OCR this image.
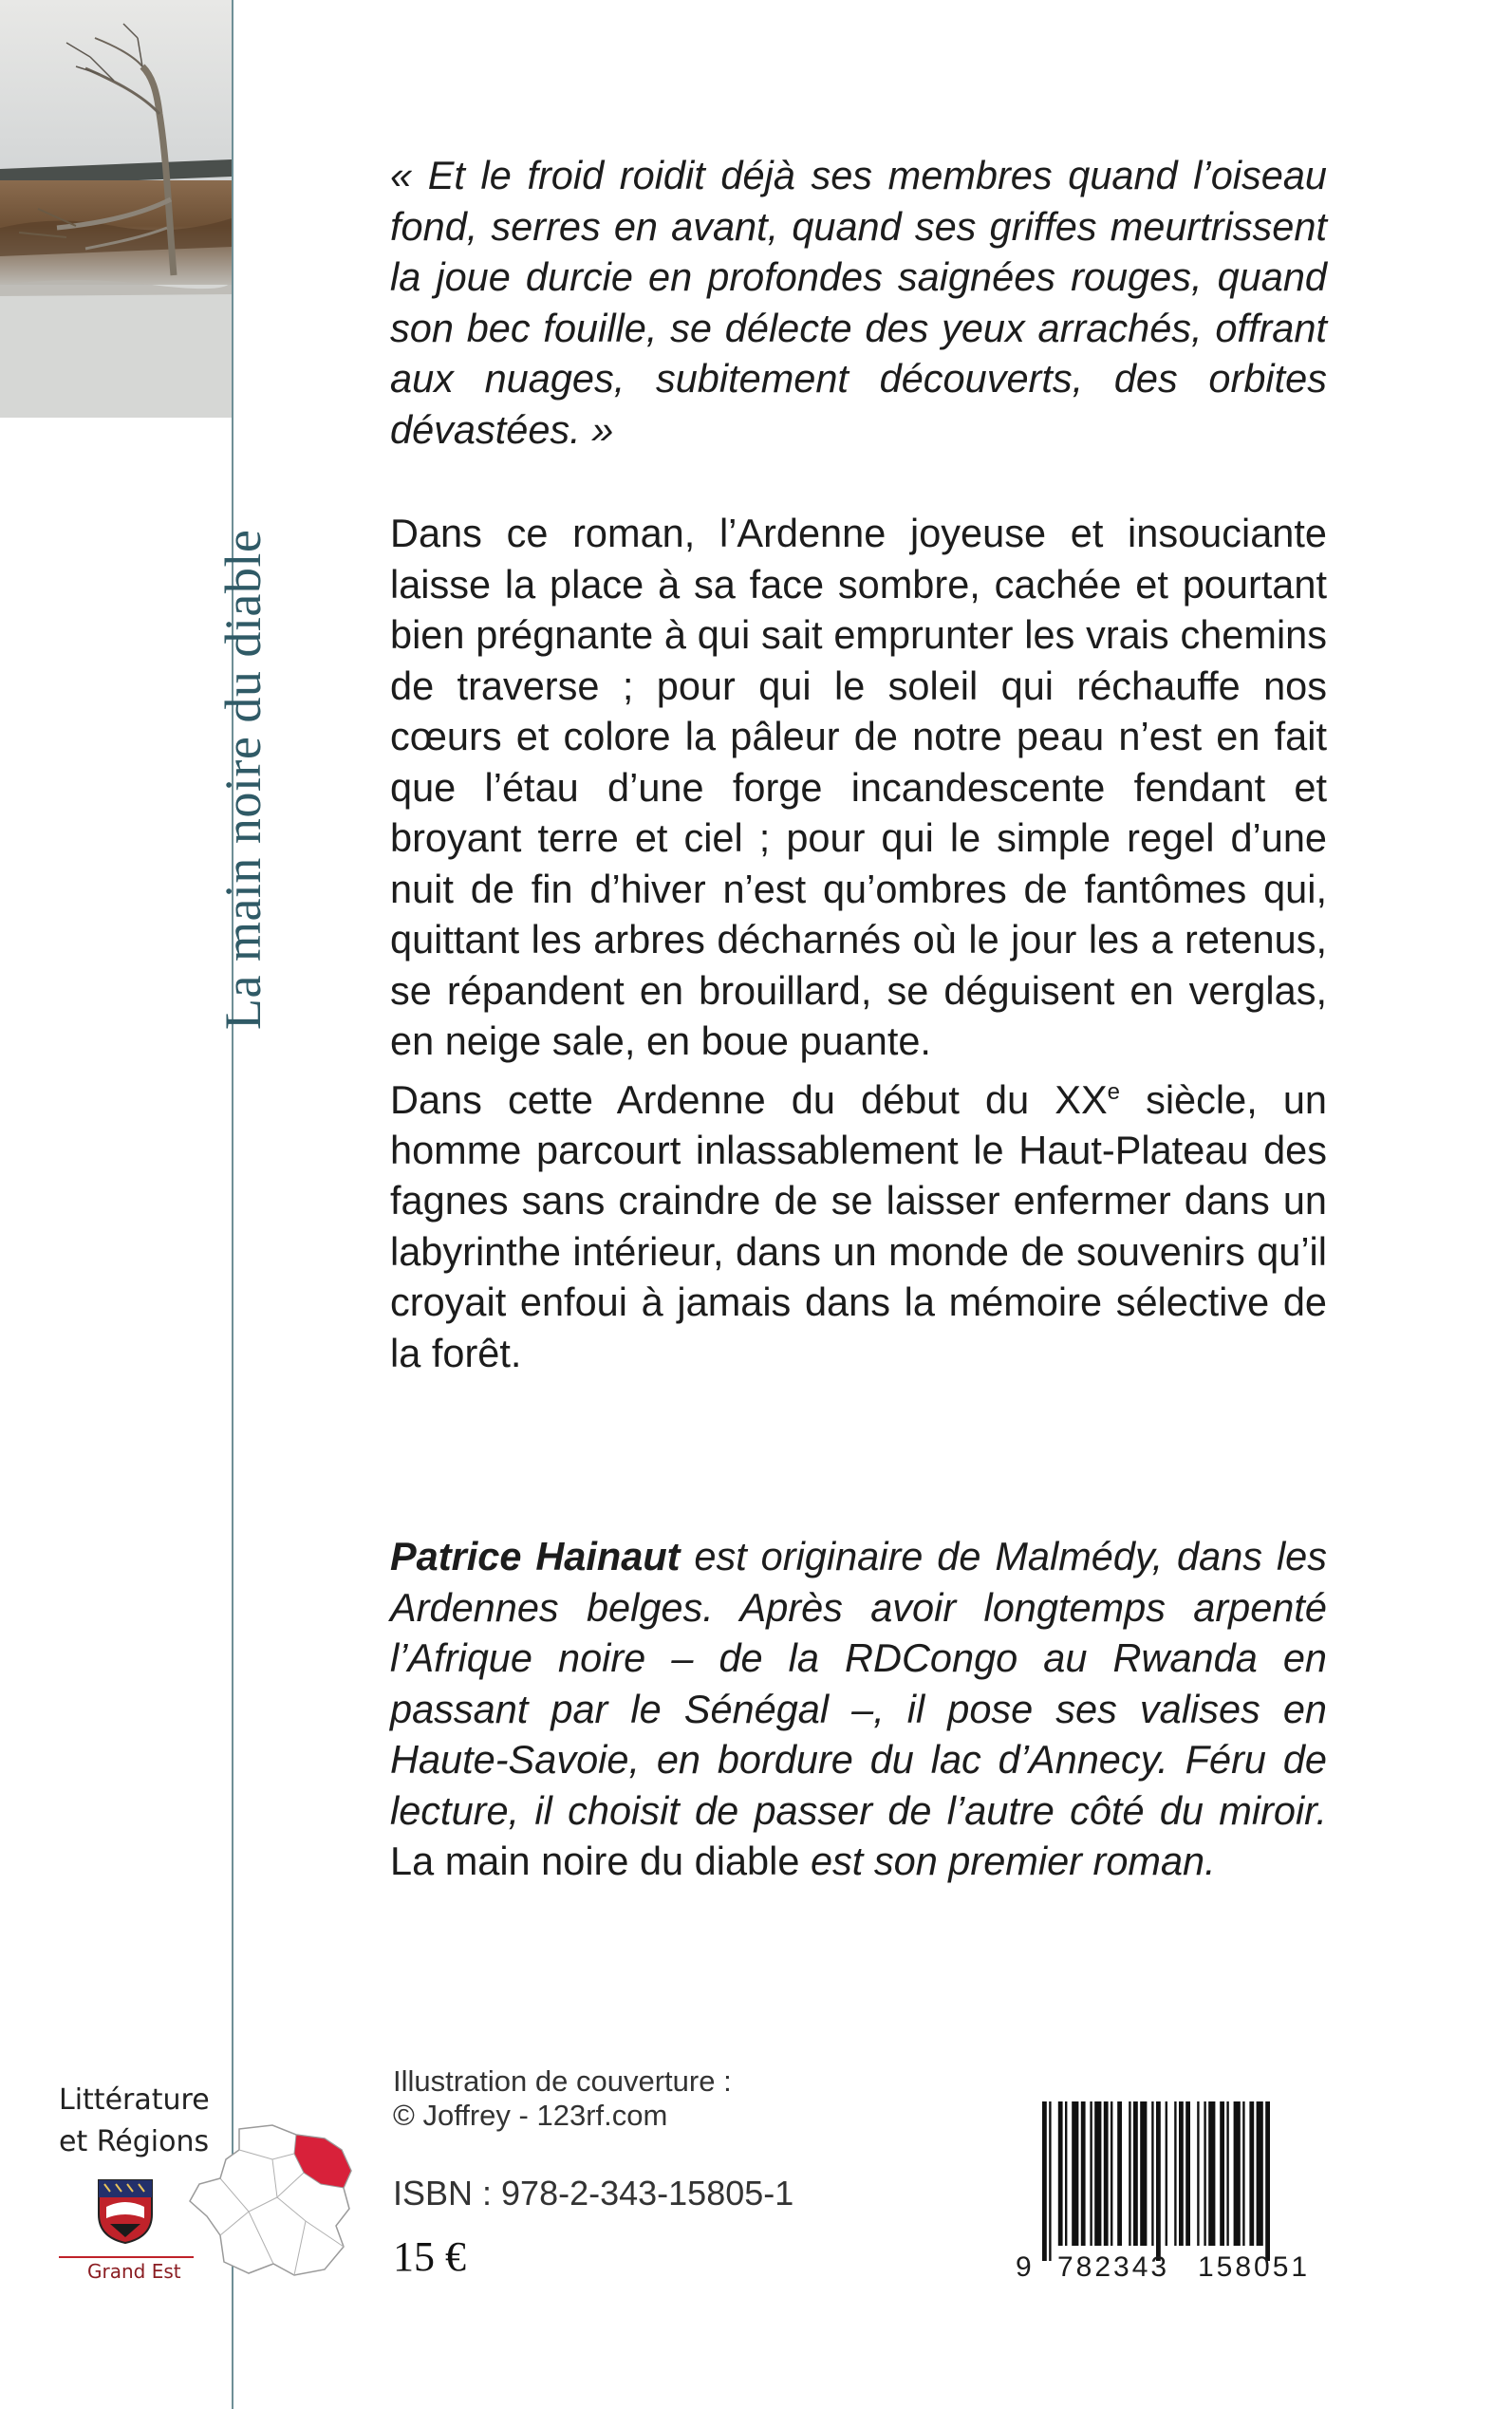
La main noire du diable

« Et le froid roidit déjà ses membres quand l’oiseau fond, serres en avant, quand ses griffes meurtrissent la joue durcie en profondes saignées rouges, quand son bec fouille, se délecte des yeux arrachés, offrant aux nuages, subitement découverts, des orbites dévastées. »

Dans ce roman, l’Ardenne joyeuse et insouciante laisse la place à sa face sombre, cachée et pourtant bien prégnante à qui sait emprunter les vrais chemins de traverse ; pour qui le soleil qui réchauffe nos cœurs et colore la pâleur de notre peau n’est en fait que l’étau d’une forge incandescente fendant et broyant terre et ciel ; pour qui le simple regel d’une nuit de fin d’hiver n’est qu’ombres de fantômes qui, quittant les arbres décharnés où le jour les a retenus, se répandent en brouillard, se déguisent en verglas, en neige sale, en boue puante.

Dans cette Ardenne du début du XXe siècle, un homme parcourt inlassablement le Haut-Plateau des fagnes sans craindre de se laisser enfermer dans un labyrinthe intérieur, dans un monde de souvenirs qu’il croyait enfoui à jamais dans la mémoire sélective de la forêt.

Patrice Hainaut est originaire de Malmédy, dans les Ardennes belges. Après avoir longtemps arpenté l’Afrique noire – de la RDCongo au Rwanda en passant par le Sénégal –, il pose ses valises en Haute-Savoie, en bordure du lac d’Annecy. Féru de lecture, il choisit de passer de l’autre côté du miroir. La main noire du diable est son premier roman.

Littérature
et Régions
Grand Est
Illustration de couverture :
© Joffrey - 123rf.com
ISBN : 978-2-343-15805-1
15 €	9 782343 158051
